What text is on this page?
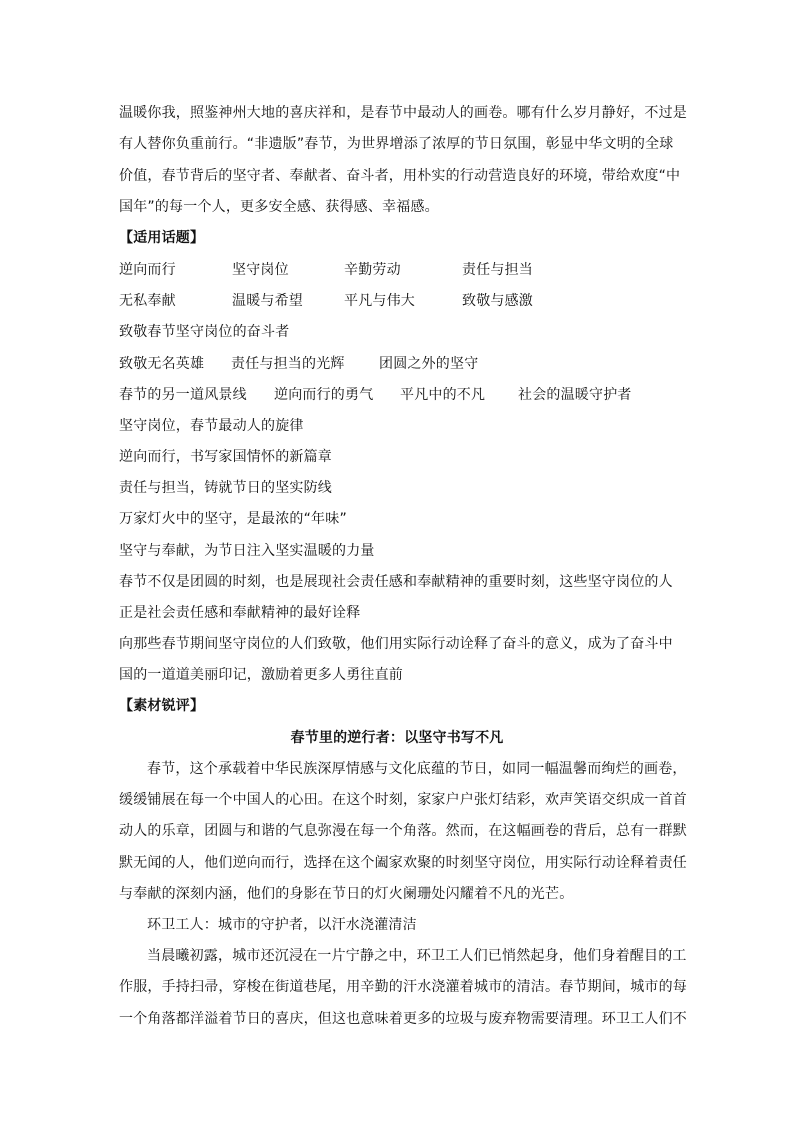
温暖你我，照鉴神州大地的喜庆祥和，是春节中最动人的画卷。哪有什么岁月静好，不过是
有人替你负重前行。“非遗版”春节，为世界增添了浓厚的节日氛围，彰显中华文明的全球
价值，春节背后的坚守者、奉献者、奋斗者，用朴实的行动营造良好的环境，带给欢度“中
国年”的每一个人，更多安全感、获得感、幸福感。
【适用话题】
逆向而行	坚守岗位	辛勤劳动	责任与担当
无私奉献	温暖与希望	平凡与伟大	致敬与感激
致敬春节坚守岗位的奋斗者
致敬无名英雄 责任与担当的光辉 团圆之外的坚守
春节的另一道风景线 逆向而行的勇气 平凡中的不凡 社会的温暖守护者
坚守岗位，春节最动人的旋律
逆向而行，书写家国情怀的新篇章
责任与担当，铸就节日的坚实防线
万家灯火中的坚守，是最浓的“年味”
坚守与奉献，为节日注入坚实温暖的力量
春节不仅是团圆的时刻，也是展现社会责任感和奉献精神的重要时刻，这些坚守岗位的人
正是社会责任感和奉献精神的最好诠释
向那些春节期间坚守岗位的人们致敬，他们用实际行动诠释了奋斗的意义，成为了奋斗中
国的一道道美丽印记，激励着更多人勇往直前
【素材锐评】
春节里的逆行者：以坚守书写不凡
春节，这个承载着中华民族深厚情感与文化底蕴的节日，如同一幅温馨而绚烂的画卷，
缓缓铺展在每一个中国人的心田。在这个时刻，家家户户张灯结彩，欢声笑语交织成一首首
动人的乐章，团圆与和谐的气息弥漫在每一个角落。然而，在这幅画卷的背后，总有一群默
默无闻的人，他们逆向而行，选择在这个阖家欢聚的时刻坚守岗位，用实际行动诠释着责任
与奉献的深刻内涵，他们的身影在节日的灯火阑珊处闪耀着不凡的光芒。
环卫工人：城市的守护者，以汗水浇灌清洁
当晨曦初露，城市还沉浸在一片宁静之中，环卫工人们已悄然起身，他们身着醒目的工
作服，手持扫帚，穿梭在街道巷尾，用辛勤的汗水浇灌着城市的清洁。春节期间，城市的每
一个角落都洋溢着节日的喜庆，但这也意味着更多的垃圾与废弃物需要清理。环卫工人们不
